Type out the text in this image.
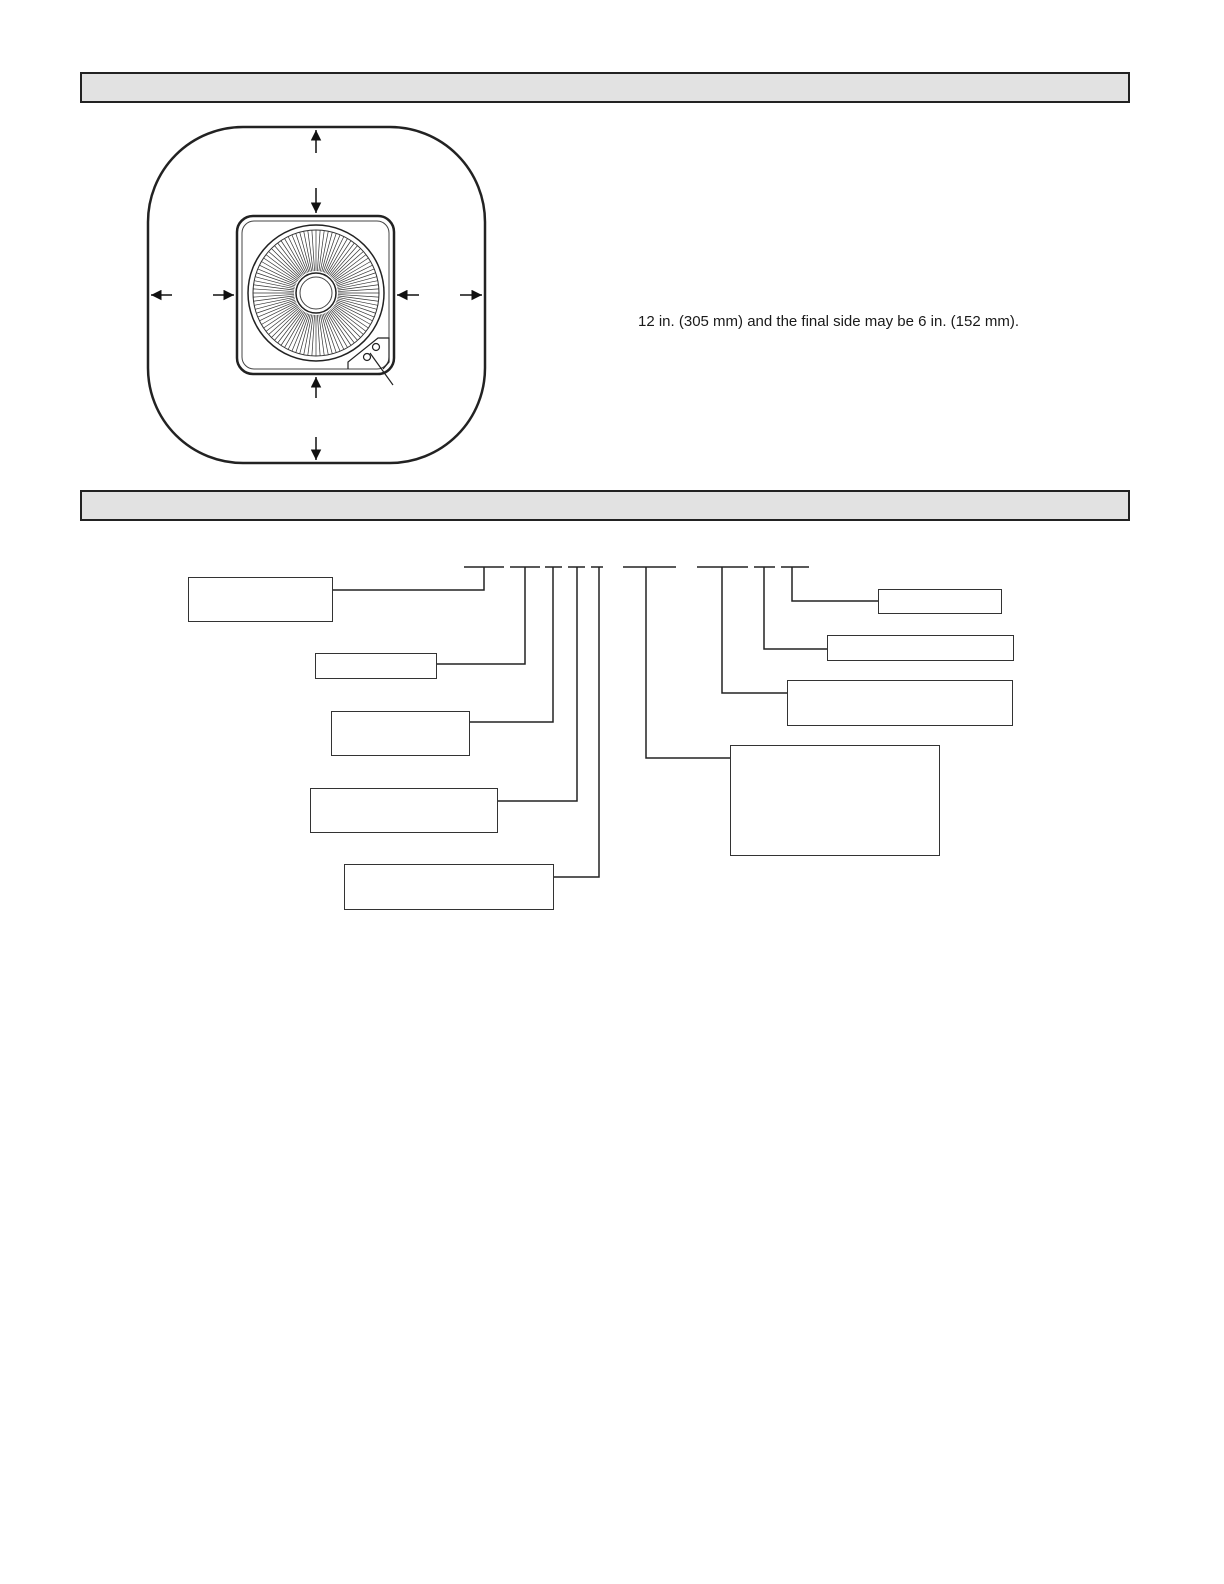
12 in. (305 mm) and the final side may be 6 in. (152 mm).
